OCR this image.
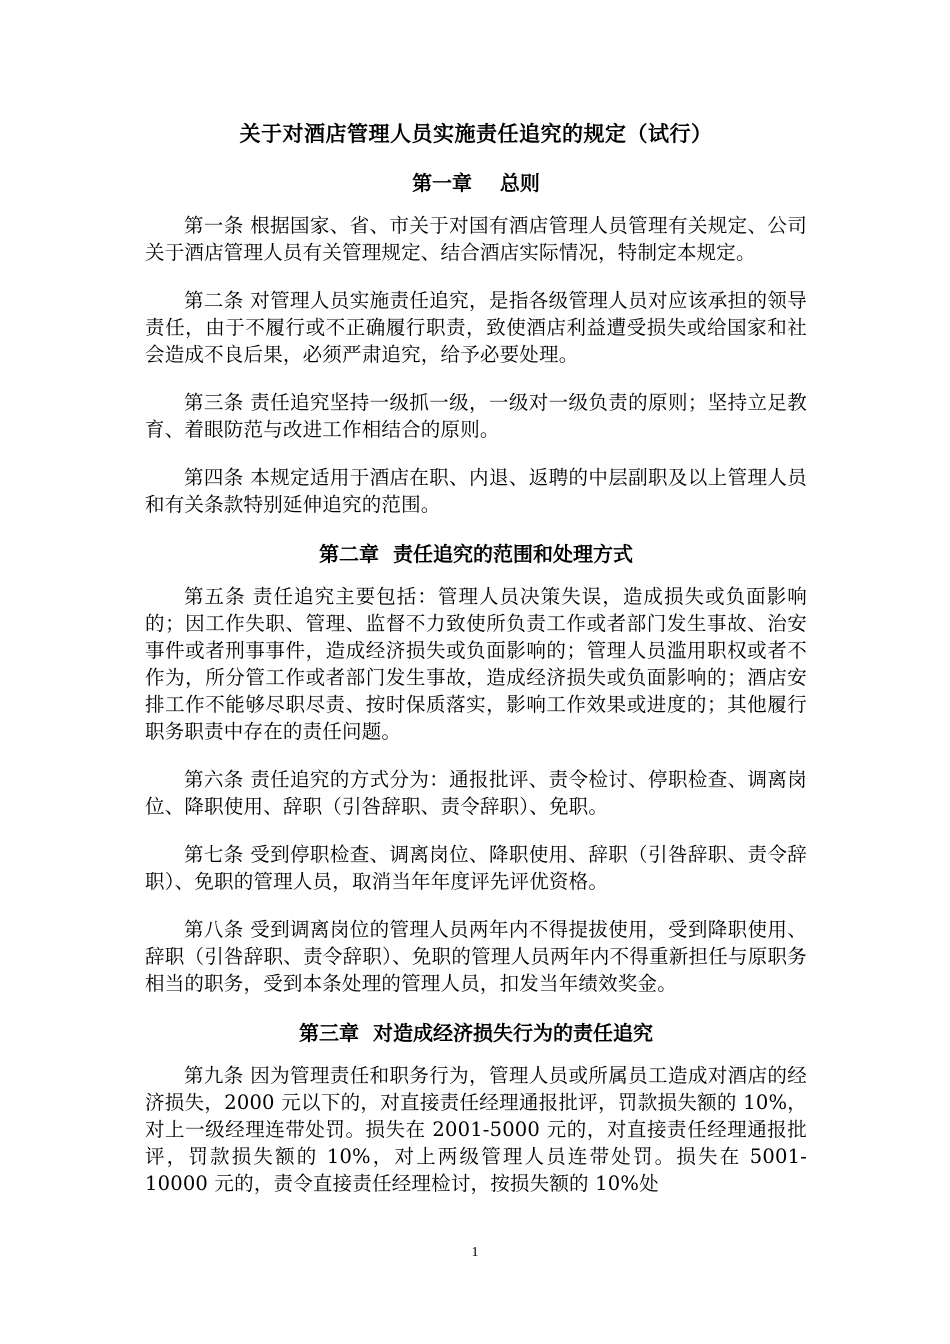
关于对酒店管理人员实施责任追究的规定（试行）
第一章    总则

第一条 根据国家、省、市关于对国有酒店管理人员管理有关规定、公司关于酒店管理人员有关管理规定、结合酒店实际情况，特制定本规定。

第二条 对管理人员实施责任追究，是指各级管理人员对应该承担的领导责任，由于不履行或不正确履行职责，致使酒店利益遭受损失或给国家和社会造成不良后果，必须严肃追究，给予必要处理。

第三条 责任追究坚持一级抓一级，一级对一级负责的原则；坚持立足教育、着眼防范与改进工作相结合的原则。

第四条 本规定适用于酒店在职、内退、返聘的中层副职及以上管理人员和有关条款特别延伸追究的范围。

第二章  责任追究的范围和处理方式

第五条 责任追究主要包括：管理人员决策失误，造成损失或负面影响的；因工作失职、管理、监督不力致使所负责工作或者部门发生事故、治安事件或者刑事事件，造成经济损失或负面影响的；管理人员滥用职权或者不作为，所分管工作或者部门发生事故，造成经济损失或负面影响的；酒店安排工作不能够尽职尽责、按时保质落实，影响工作效果或进度的；其他履行职务职责中存在的责任问题。

第六条 责任追究的方式分为：通报批评、责令检讨、停职检查、调离岗位、降职使用、辞职（引咎辞职、责令辞职）、免职。

第七条 受到停职检查、调离岗位、降职使用、辞职（引咎辞职、责令辞职）、免职的管理人员，取消当年年度评先评优资格。

第八条 受到调离岗位的管理人员两年内不得提拔使用，受到降职使用、辞职（引咎辞职、责令辞职）、免职的管理人员两年内不得重新担任与原职务相当的职务，受到本条处理的管理人员，扣发当年绩效奖金。

第三章  对造成经济损失行为的责任追究

第九条 因为管理责任和职务行为，管理人员或所属员工造成对酒店的经济损失，2000 元以下的，对直接责任经理通报批评，罚款损失额的 10%，对上一级经理连带处罚。损失在 2001-5000 元的，对直接责任经理通报批评，罚款损失额的 10%，对上两级管理人员连带处罚。损失在 5001-10000 元的，责令直接责任经理检讨，按损失额的 10%处

1
